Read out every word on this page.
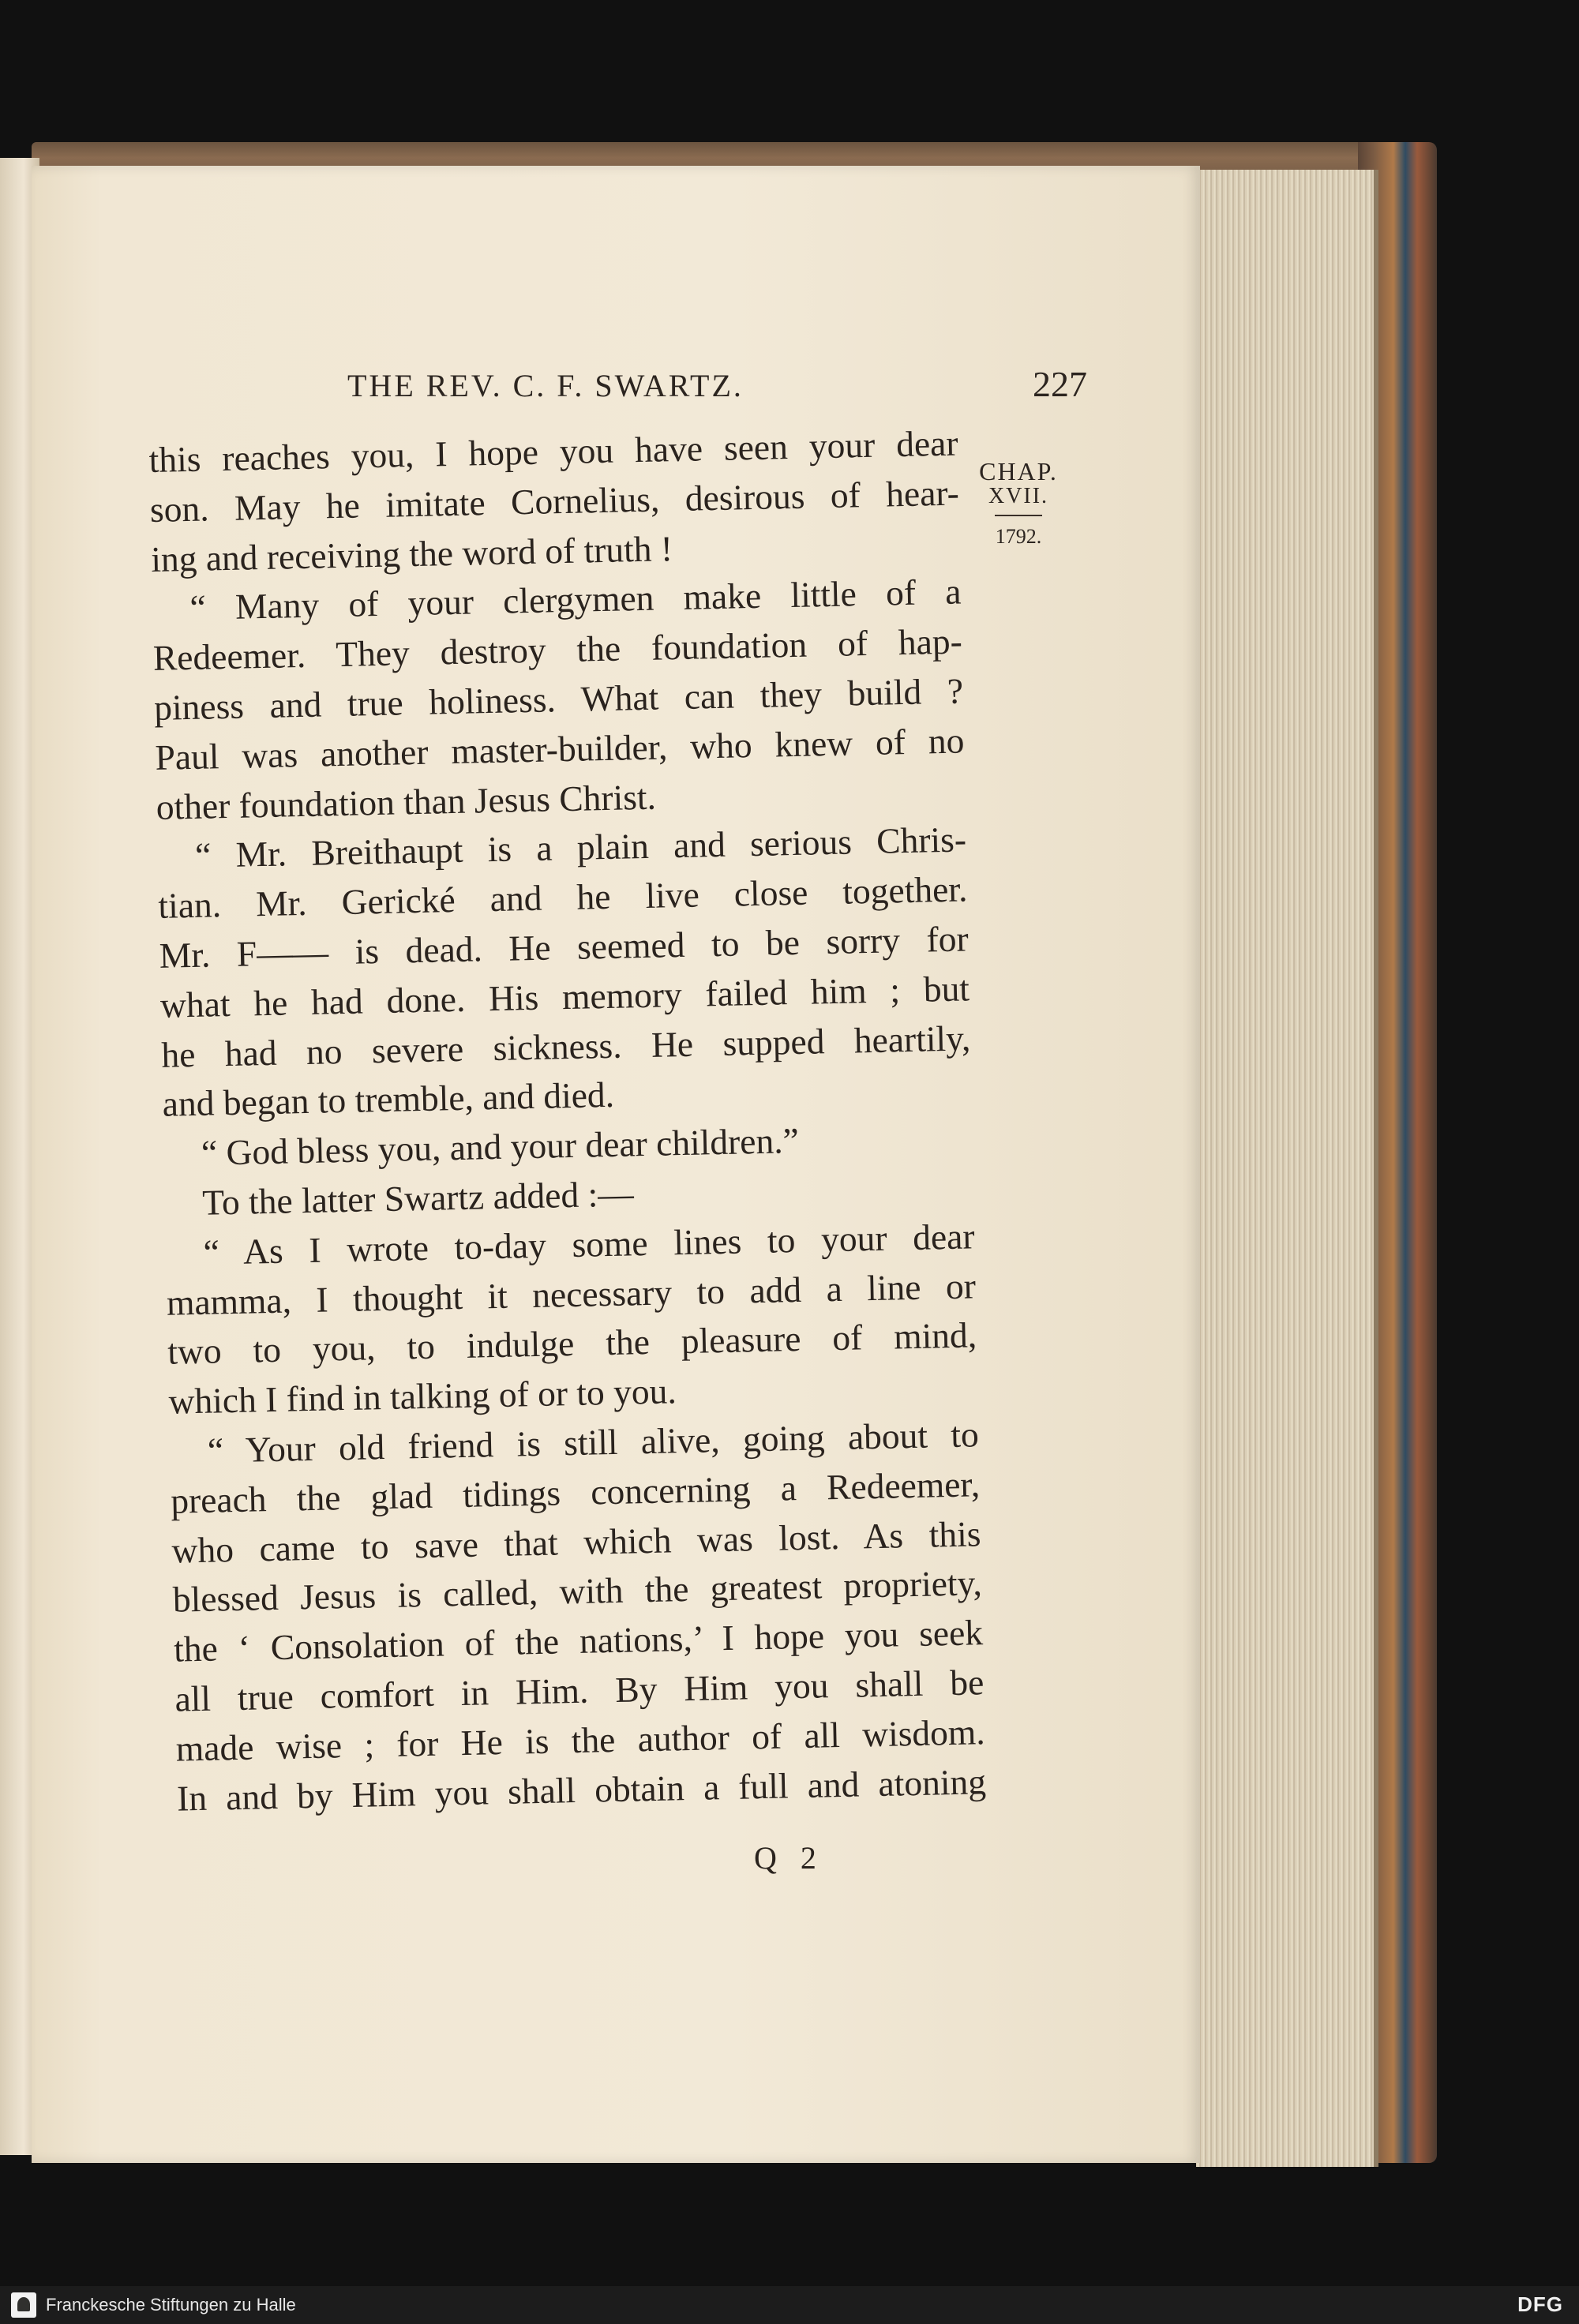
THE REV. C. F. SWARTZ.	227
CHAP.
XVII.
1792.
this reaches you, I hope you have seen your dear
son. May he imitate Cornelius, desirous of hear-
ing and receiving the word of truth !
“ Many of your clergymen make little of a
Redeemer. They destroy the foundation of hap-
piness and true holiness. What can they build ?
Paul was another master-builder, who knew of no
other foundation than Jesus Christ.
“ Mr. Breithaupt is a plain and serious Chris-
tian. Mr. Gerické and he live close together.
Mr. F—— is dead. He seemed to be sorry for
what he had done. His memory failed him ; but
he had no severe sickness. He supped heartily,
and began to tremble, and died.
“ God bless you, and your dear children.”
To the latter Swartz added :—
“ As I wrote to-day some lines to your dear
mamma, I thought it necessary to add a line or
two to you, to indulge the pleasure of mind,
which I find in talking of or to you.
“ Your old friend is still alive, going about to
preach the glad tidings concerning a Redeemer,
who came to save that which was lost. As this
blessed Jesus is called, with the greatest propriety,
the ‘ Consolation of the nations,’ I hope you seek
all true comfort in Him. By Him you shall be
made wise ; for He is the author of all wisdom.
In and by Him you shall obtain a full and atoning
Q 2
Franckesche Stiftungen zu Halle	DFG
